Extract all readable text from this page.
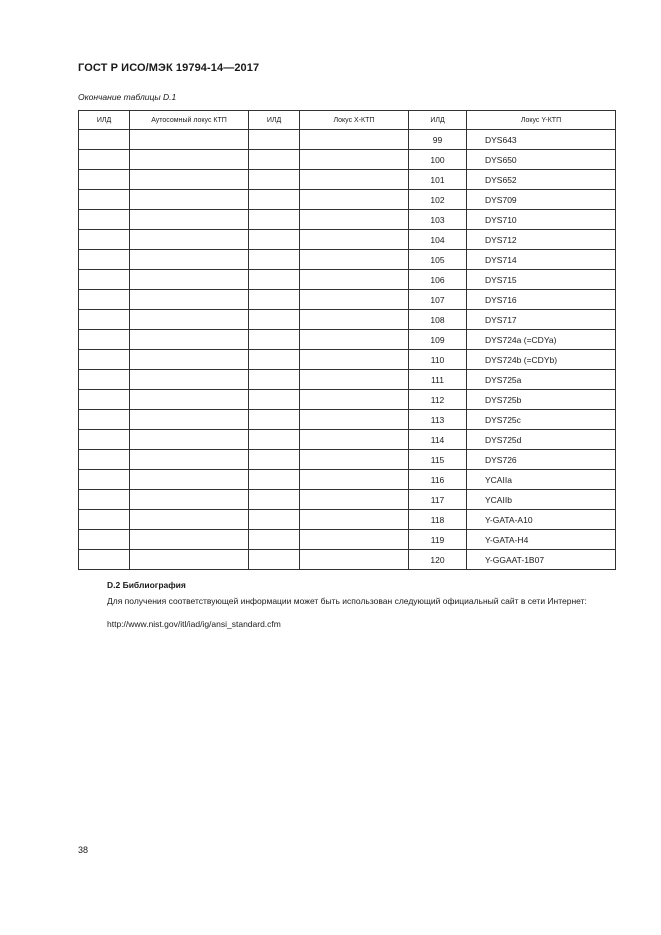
ГОСТ Р ИСО/МЭК 19794-14—2017
Окончание таблицы D.1
ИЛД	Аутосомный локус КТП	ИЛД	Локус X-КТП	ИЛД	Локус Y-КТП
				99	DYS643
				100	DYS650
				101	DYS652
				102	DYS709
				103	DYS710
				104	DYS712
				105	DYS714
				106	DYS715
				107	DYS716
				108	DYS717
				109	DYS724a (=CDYa)
				110	DYS724b (=CDYb)
				111	DYS725a
				112	DYS725b
				113	DYS725c
				114	DYS725d
				115	DYS726
				116	YCAIIa
				117	YCAIIb
				118	Y-GATA-A10
				119	Y-GATA-H4
				120	Y-GGAAT-1B07
D.2 Библиография
Для получения соответствующей информации может быть использован следующий официальный сайт в сети Интернет:
http://www.nist.gov/itl/iad/ig/ansi_standard.cfm
38
